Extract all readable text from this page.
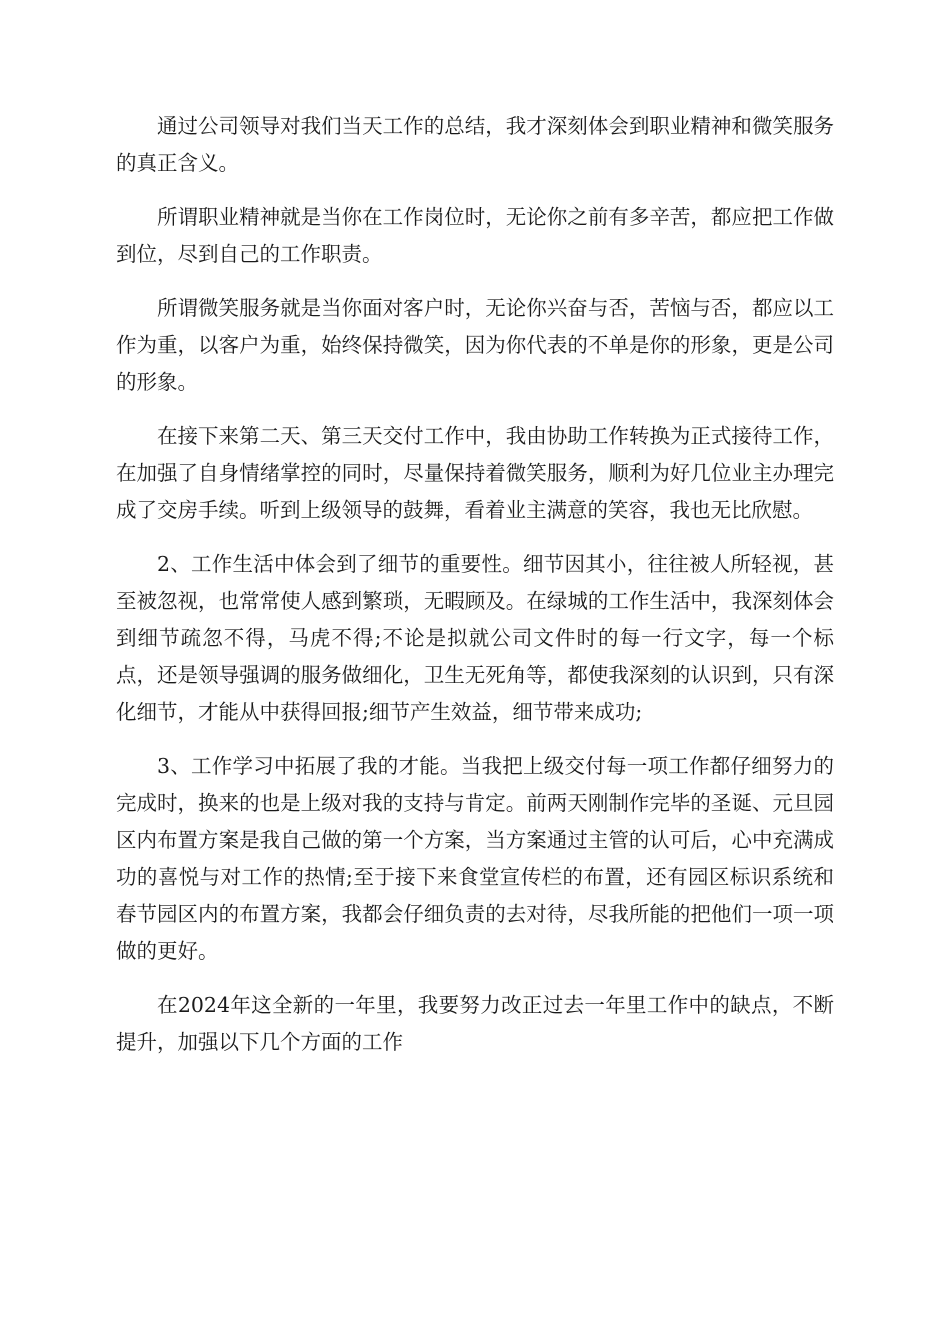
通过公司领导对我们当天工作的总结，我才深刻体会到职业精神和微笑服务的真正含义。

所谓职业精神就是当你在工作岗位时，无论你之前有多辛苦，都应把工作做到位，尽到自己的工作职责。

所谓微笑服务就是当你面对客户时，无论你兴奋与否，苦恼与否，都应以工作为重，以客户为重，始终保持微笑，因为你代表的不单是你的形象，更是公司的形象。

在接下来第二天、第三天交付工作中，我由协助工作转换为正式接待工作，在加强了自身情绪掌控的同时，尽量保持着微笑服务，顺利为好几位业主办理完成了交房手续。听到上级领导的鼓舞，看着业主满意的笑容，我也无比欣慰。

2、工作生活中体会到了细节的重要性。细节因其小，往往被人所轻视，甚至被忽视，也常常使人感到繁琐，无暇顾及。在绿城的工作生活中，我深刻体会到细节疏忽不得，马虎不得;不论是拟就公司文件时的每一行文字，每一个标点，还是领导强调的服务做细化，卫生无死角等，都使我深刻的认识到，只有深化细节，才能从中获得回报;细节产生效益，细节带来成功;

3、工作学习中拓展了我的才能。当我把上级交付每一项工作都仔细努力的完成时，换来的也是上级对我的支持与肯定。前两天刚制作完毕的圣诞、元旦园区内布置方案是我自己做的第一个方案，当方案通过主管的认可后，心中充满成功的喜悦与对工作的热情;至于接下来食堂宣传栏的布置，还有园区标识系统和春节园区内的布置方案，我都会仔细负责的去对待，尽我所能的把他们一项一项做的更好。

在2024年这全新的一年里，我要努力改正过去一年里工作中的缺点，不断提升，加强以下几个方面的工作
